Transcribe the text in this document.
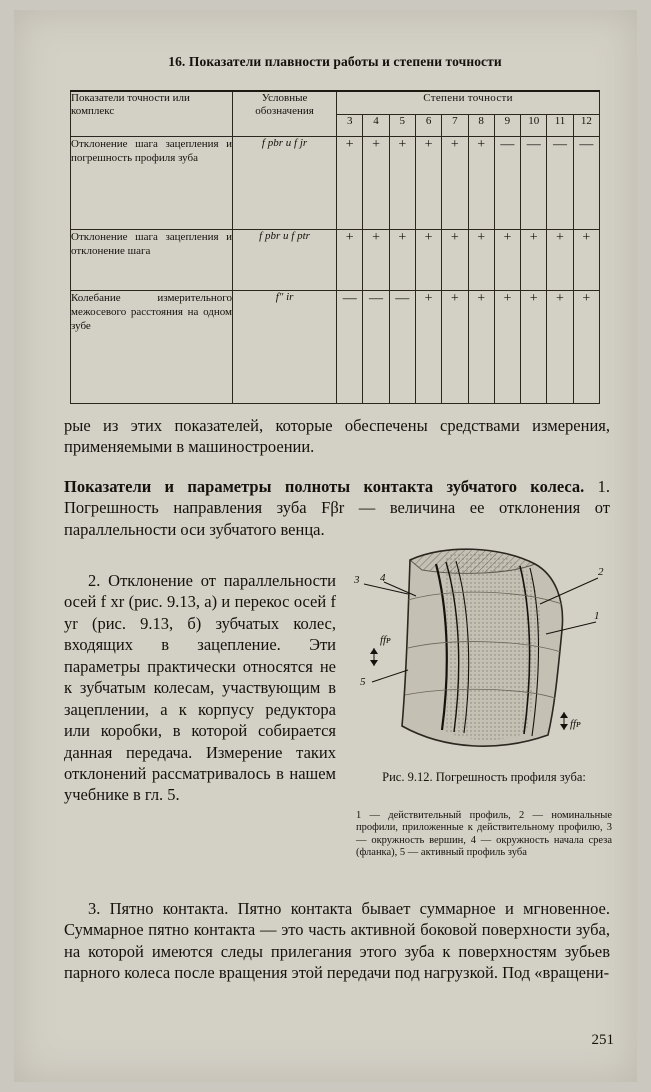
16. Показатели плавности работы и степени точности
Показатели точности или комплекс	Условные обозначения	Степени точности									
		3	4	5	6	7	8	9	10	11	12
Отклонение шага зацепления и погрешность профиля зуба	f pbr и f jr	+	+	+	+	+	+	—	—	—	—
Отклонение шага зацепления и отклонение шага	f pbr и f ptr	+	+	+	+	+	+	+	+	+	+
Колебание измерительного межосевого расстояния на одном зубе	f″ ir	—	—	—	+	+	+	+	+	+	+
рые из этих показателей, которые обеспечены средствами измерения, применяемыми в машиностроении.
Показатели и параметры полноты контакта зубчатого колеса. 1. Погрешность направления зуба Fβr — величина ее отклонения от параллельности оси зубчатого венца.
2. Отклонение от параллельности осей f xr (рис. 9.13, а) и перекос осей f yr (рис. 9.13, б) зубчатых колес, входящих в зацепление. Эти параметры практически относятся не к зубчатым колесам, участвующим в зацеплении, а к корпусу редуктора или коробки, в которой собирается данная передача. Измерение таких отклонений рассматривалось в нашем учебнике в гл. 5.
2
1
3 4
5
ffᴘ
ffᴘ
Рис. 9.12. Погрешность профиля зуба:
1 — действительный профиль, 2 — номинальные профили, приложенные к действительному профилю, 3 — окружность вершин, 4 — окружность начала среза (фланка), 5 — активный профиль зуба
3. Пятно контакта. Пятно контакта бывает суммарное и мгновенное. Суммарное пятно контакта — это часть активной боковой поверхности зуба, на которой имеются следы прилегания этого зуба к поверхностям зубьев парного колеса после вращения этой передачи под нагрузкой. Под «вращени-
251
